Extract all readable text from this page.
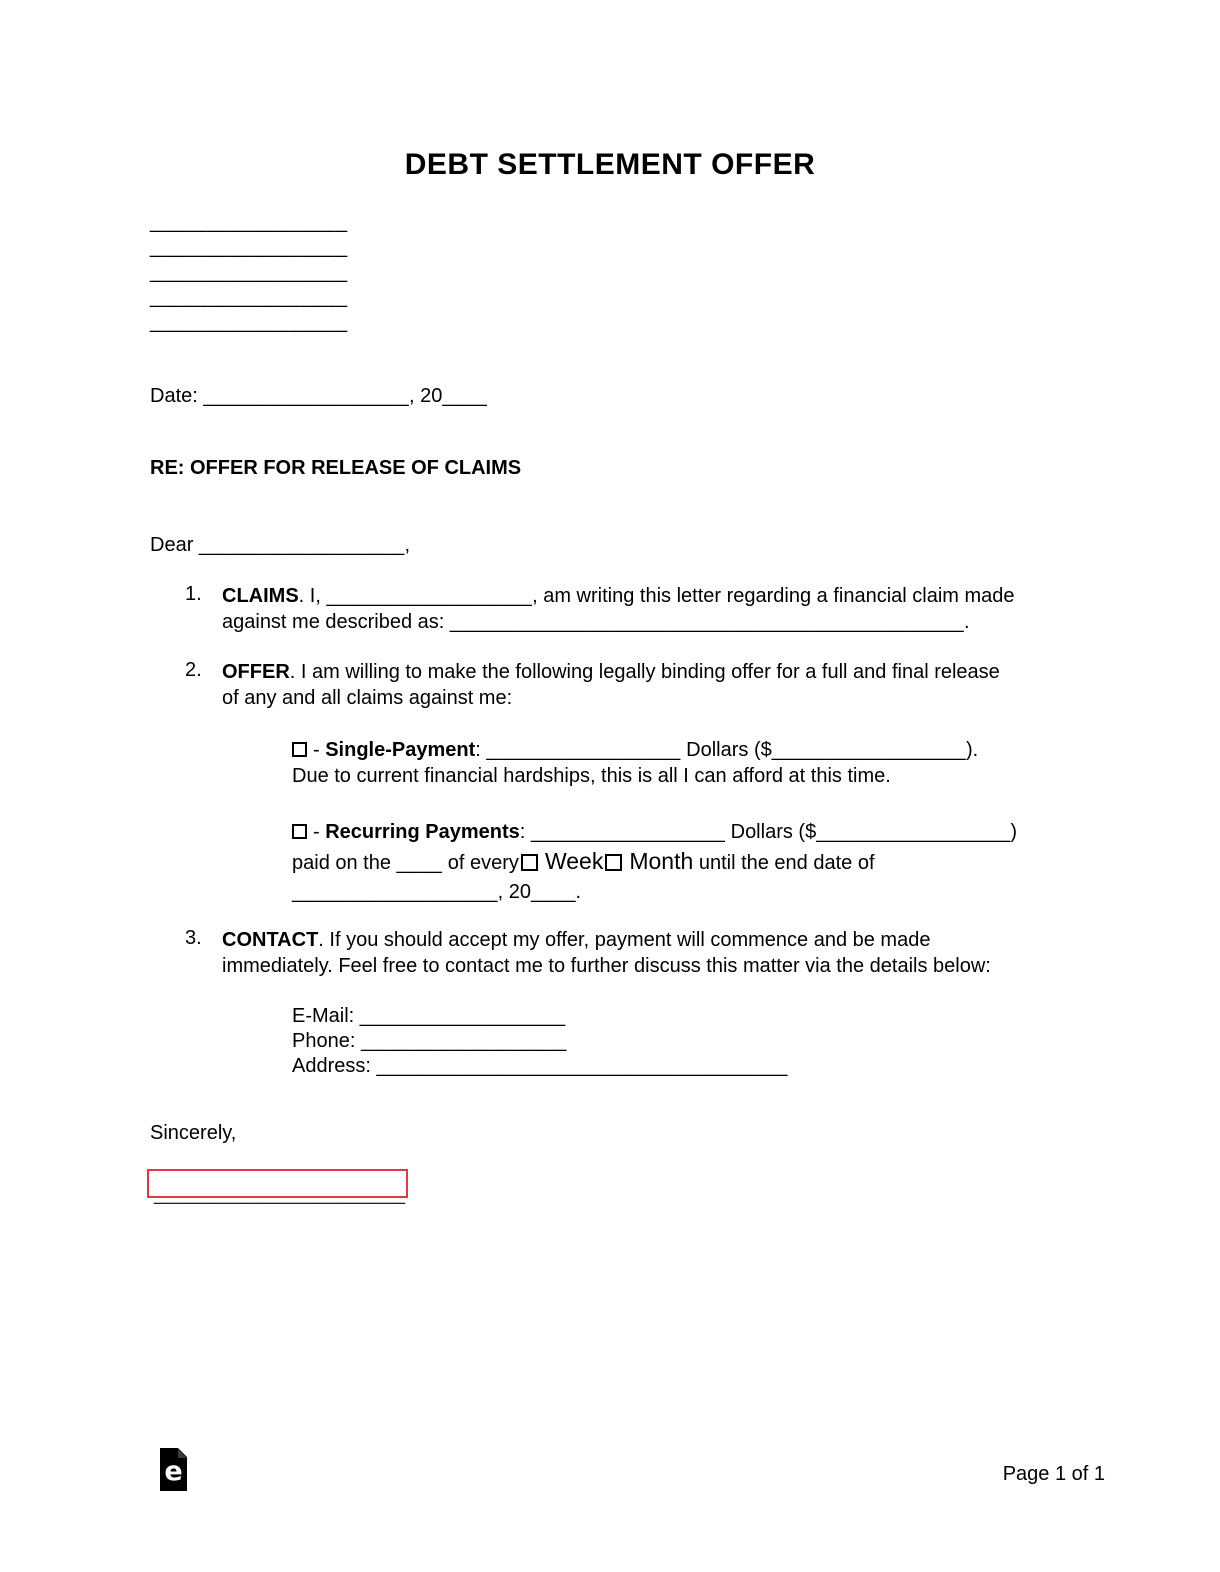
DEBT SETTLEMENT OFFER
_________________
_________________
_________________
_________________
_________________
Date: __________________, 20____
RE: OFFER FOR RELEASE OF CLAIMS
Dear __________________,
1. CLAIMS. I, __________________, am writing this letter regarding a financial claim made
against me described as: _____________________________________________.
2. OFFER. I am willing to make the following legally binding offer for a full and final release
of any and all claims against me:
- Single-Payment: _________________ Dollars ($_________________).
Due to current financial hardships, this is all I can afford at this time.
- Recurring Payments: _________________ Dollars ($_________________)
paid on the ____ of every Week Month until the end date of
__________________, 20____.
3. CONTACT. If you should accept my offer, payment will commence and be made
immediately. Feel free to contact me to further discuss this matter via the details below:
E-Mail: __________________
Phone: __________________
Address: ____________________________________
Sincerely,
______________________
e	Page 1 of 1
